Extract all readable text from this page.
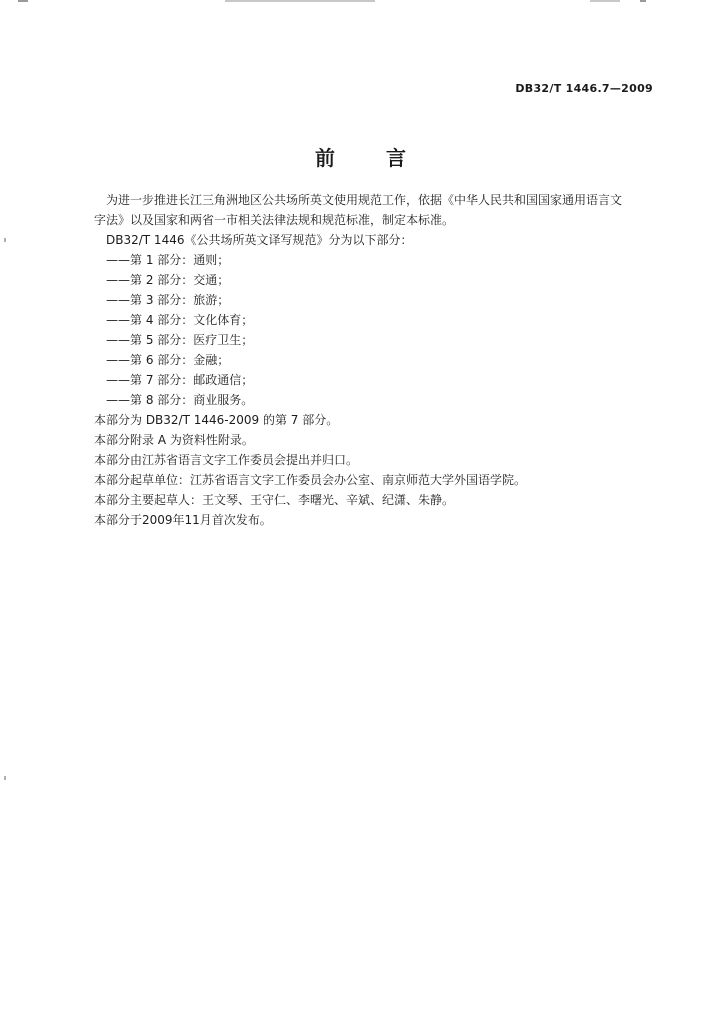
DB32/T 1446.7—2009
前 言

为进一步推进长江三角洲地区公共场所英文使用规范工作，依据《中华人民共和国国家通用语言文

字法》以及国家和两省一市相关法律法规和规范标准，制定本标准。

DB32/T 1446《公共场所英文译写规范》分为以下部分：

——第 1 部分：通则；

——第 2 部分：交通；

——第 3 部分：旅游；

——第 4 部分：文化体育；

——第 5 部分：医疗卫生；

——第 6 部分：金融；

——第 7 部分：邮政通信；

——第 8 部分：商业服务。

本部分为 DB32/T 1446-2009 的第 7 部分。

本部分附录 A 为资料性附录。

本部分由江苏省语言文字工作委员会提出并归口。

本部分起草单位：江苏省语言文字工作委员会办公室、南京师范大学外国语学院。

本部分主要起草人：王文琴、王守仁、李曙光、辛斌、纪潇、朱静。

本部分于2009年11月首次发布。
